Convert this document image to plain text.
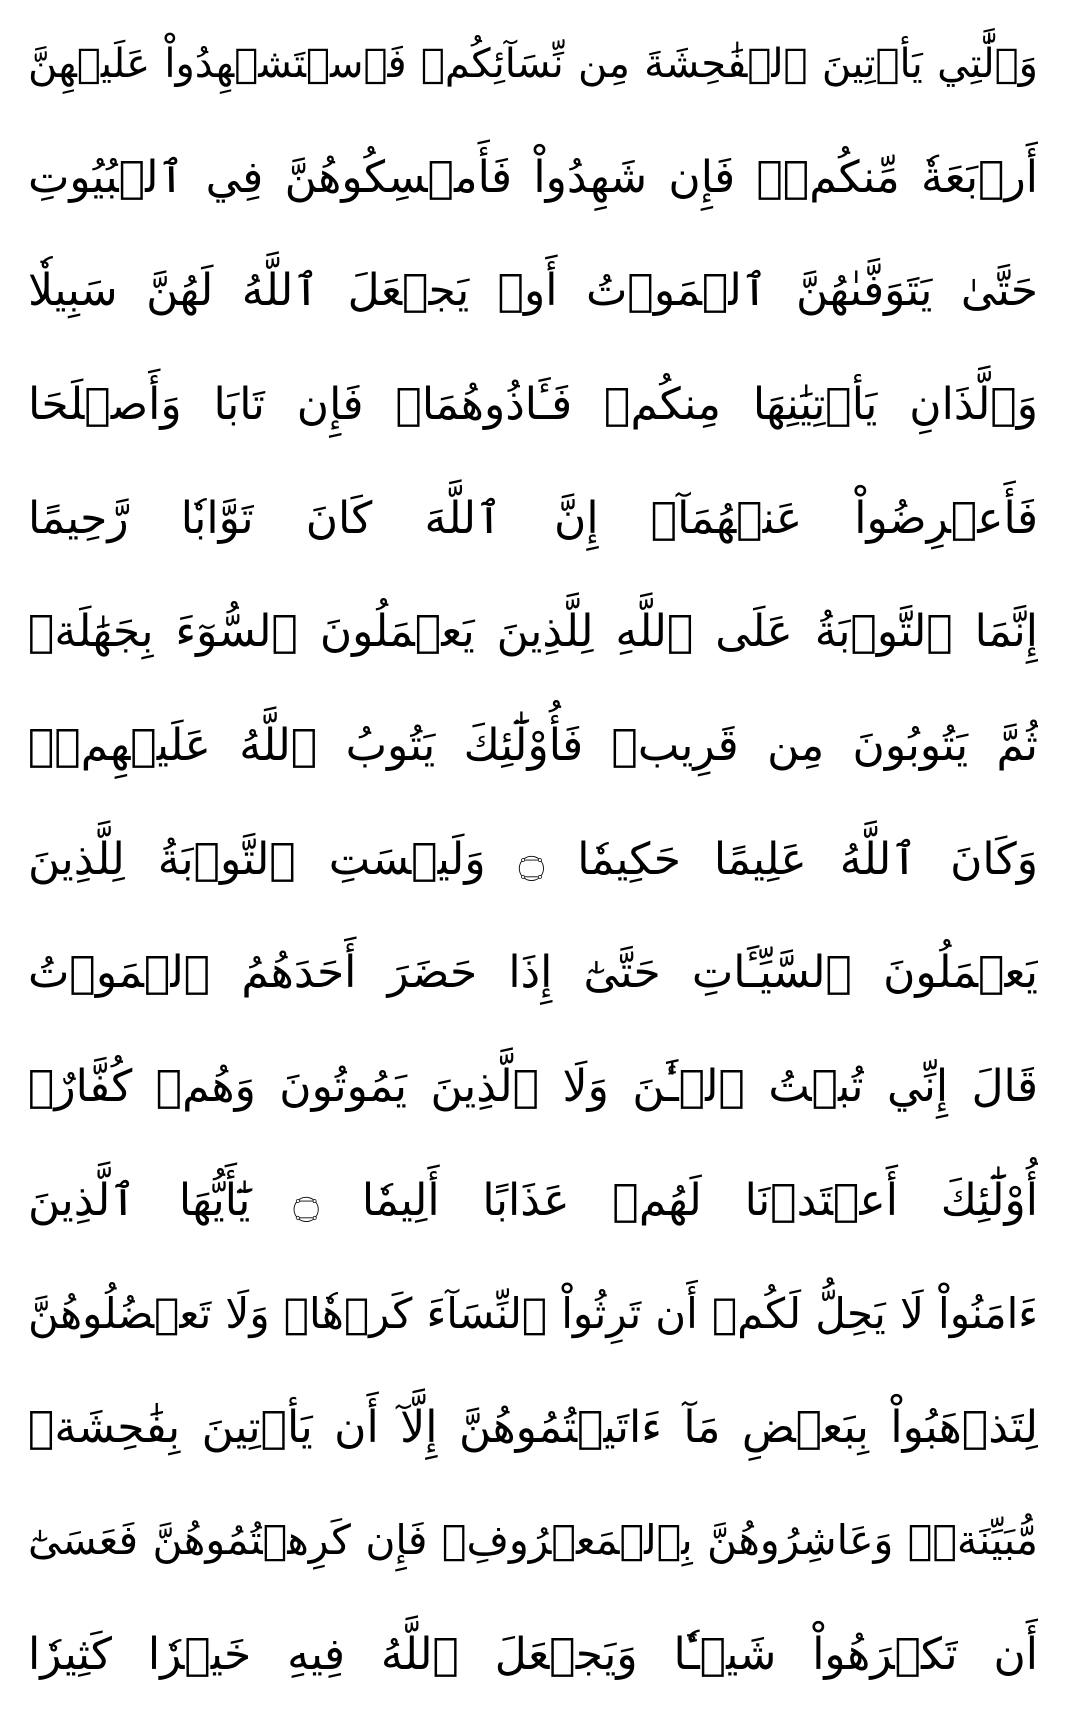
وَٱلَّٰتِي يَأۡتِينَ ٱلۡفَٰحِشَةَ مِن نِّسَآئِكُمۡ فَٱسۡتَشۡهِدُواْ عَلَيۡهِنَّ
أَرۡبَعَةٗ مِّنكُمۡۖ فَإِن شَهِدُواْ فَأَمۡسِكُوهُنَّ فِي ٱلۡبُيُوتِ
حَتَّىٰ يَتَوَفَّىٰهُنَّ ٱلۡمَوۡتُ أَوۡ يَجۡعَلَ ٱللَّهُ لَهُنَّ سَبِيلٗا
وَٱلَّذَانِ يَأۡتِيَٰنِهَا مِنكُمۡ فَـَٔاذُوهُمَاۖ فَإِن تَابَا وَأَصۡلَحَا
فَأَعۡرِضُواْ عَنۡهُمَآۗ إِنَّ ٱللَّهَ كَانَ تَوَّابٗا رَّحِيمًا
إِنَّمَا ٱلتَّوۡبَةُ عَلَى ٱللَّهِ لِلَّذِينَ يَعۡمَلُونَ ٱلسُّوٓءَ بِجَهَٰلَةٖ
ثُمَّ يَتُوبُونَ مِن قَرِيبٖ فَأُوْلَٰٓئِكَ يَتُوبُ ٱللَّهُ عَلَيۡهِمۡۗ
وَكَانَ ٱللَّهُ عَلِيمًا حَكِيمٗا ۝ وَلَيۡسَتِ ٱلتَّوۡبَةُ لِلَّذِينَ
يَعۡمَلُونَ ٱلسَّيِّـَٔاتِ حَتَّىٰٓ إِذَا حَضَرَ أَحَدَهُمُ ٱلۡمَوۡتُ
قَالَ إِنِّي تُبۡتُ ٱلۡـَٰٔنَ وَلَا ٱلَّذِينَ يَمُوتُونَ وَهُمۡ كُفَّارٌۚ
أُوْلَٰٓئِكَ أَعۡتَدۡنَا لَهُمۡ عَذَابًا أَلِيمٗا ۝ يَٰٓأَيُّهَا ٱلَّذِينَ
ءَامَنُواْ لَا يَحِلُّ لَكُمۡ أَن تَرِثُواْ ٱلنِّسَآءَ كَرۡهٗاۖ وَلَا تَعۡضُلُوهُنَّ
لِتَذۡهَبُواْ بِبَعۡضِ مَآ ءَاتَيۡتُمُوهُنَّ إِلَّآ أَن يَأۡتِينَ بِفَٰحِشَةٖ
مُّبَيِّنَةٖۚ وَعَاشِرُوهُنَّ بِٱلۡمَعۡرُوفِۚ فَإِن كَرِهۡتُمُوهُنَّ فَعَسَىٰٓ
أَن تَكۡرَهُواْ شَيۡـٔٗا وَيَجۡعَلَ ٱللَّهُ فِيهِ خَيۡرٗا كَثِيرٗا
